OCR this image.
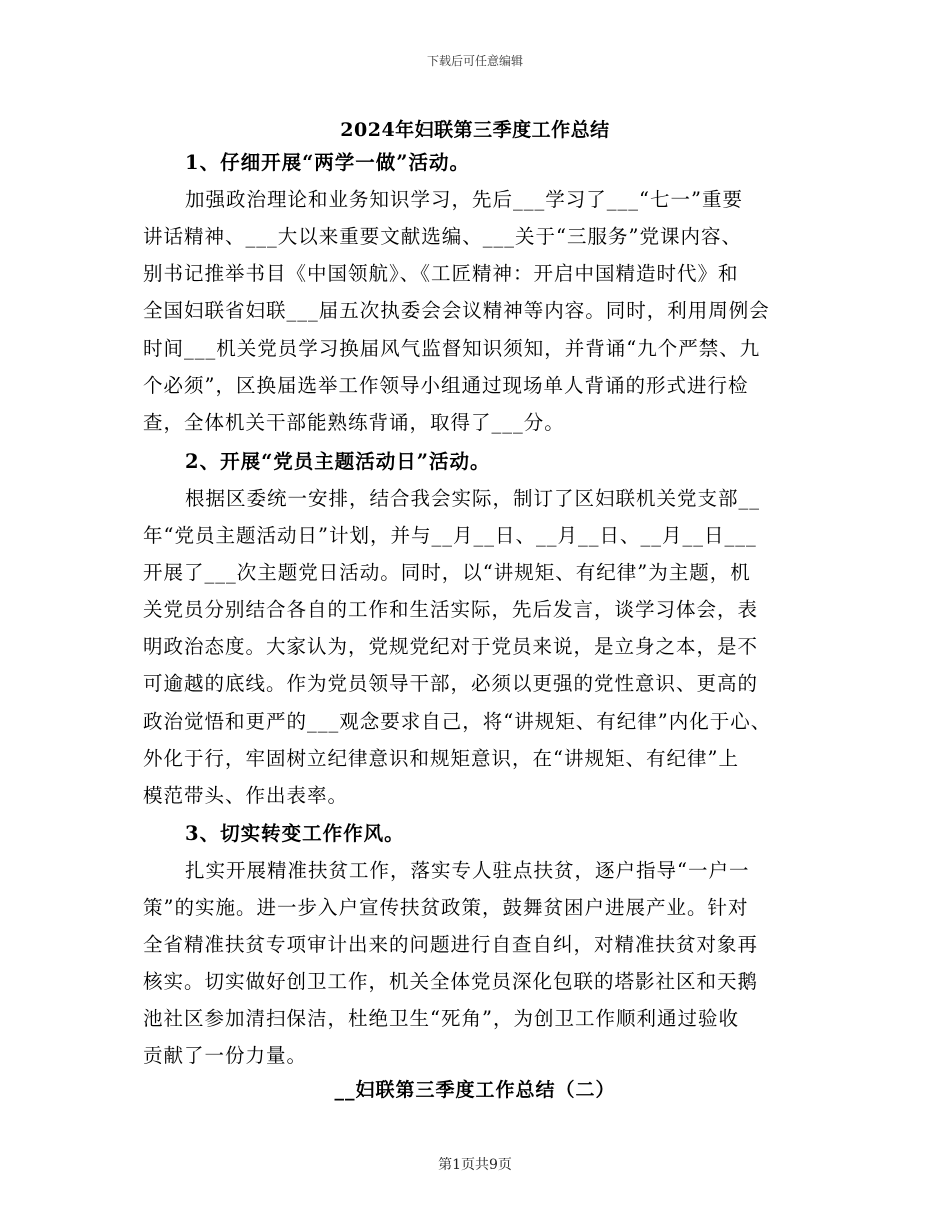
下载后可任意编辑
2024年妇联第三季度工作总结
1、仔细开展“两学一做”活动。
加强政治理论和业务知识学习，先后___学习了___“七一”重要
讲话精神、___大以来重要文献选编、___关于“三服务”党课内容、
别书记推举书目《中国领航》、《工匠精神：开启中国精造时代》和
全国妇联省妇联___届五次执委会会议精神等内容。同时，利用周例会
时间___机关党员学习换届风气监督知识须知，并背诵“九个严禁、九
个必须”，区换届选举工作领导小组通过现场单人背诵的形式进行检
查，全体机关干部能熟练背诵，取得了___分。
2、开展“党员主题活动日”活动。
根据区委统一安排，结合我会实际，制订了区妇联机关党支部__
年“党员主题活动日”计划，并与__月__日、__月__日、__月__日___
开展了___次主题党日活动。同时，以“讲规矩、有纪律”为主题，机
关党员分别结合各自的工作和生活实际，先后发言，谈学习体会，表
明政治态度。大家认为，党规党纪对于党员来说，是立身之本，是不
可逾越的底线。作为党员领导干部，必须以更强的党性意识、更高的
政治觉悟和更严的___观念要求自己，将“讲规矩、有纪律”内化于心、
外化于行，牢固树立纪律意识和规矩意识，在“讲规矩、有纪律”上
模范带头、作出表率。
3、切实转变工作作风。
扎实开展精准扶贫工作，落实专人驻点扶贫，逐户指导“一户一
策”的实施。进一步入户宣传扶贫政策，鼓舞贫困户进展产业。针对
全省精准扶贫专项审计出来的问题进行自查自纠，对精准扶贫对象再
核实。切实做好创卫工作，机关全体党员深化包联的塔影社区和天鹅
池社区参加清扫保洁，杜绝卫生“死角”，为创卫工作顺利通过验收
贡献了一份力量。
__妇联第三季度工作总结（二）
第1页共9页
